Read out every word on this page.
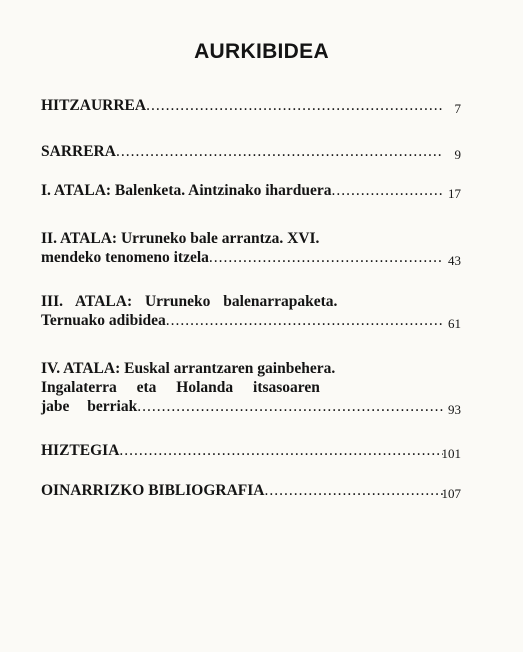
AURKIBIDEA
HITZAURREA .....	7
SARRERA .....	9
I. ATALA: Balenketa. Aintzinako iharduera .....	17
II. ATALA: Urruneko bale arrantza. XVI.
mendeko tenomeno itzela .....	43
III. ATALA: Urruneko balenarrapaketa.
Ternuako adibidea .....	61
IV. ATALA: Euskal arrantzaren gainbehera.
Ingalaterra eta Holanda itsasoaren
jabe berriak .....	93
HIZTEGIA .....	101
OINARRIZKO BIBLIOGRAFIA .....	107
